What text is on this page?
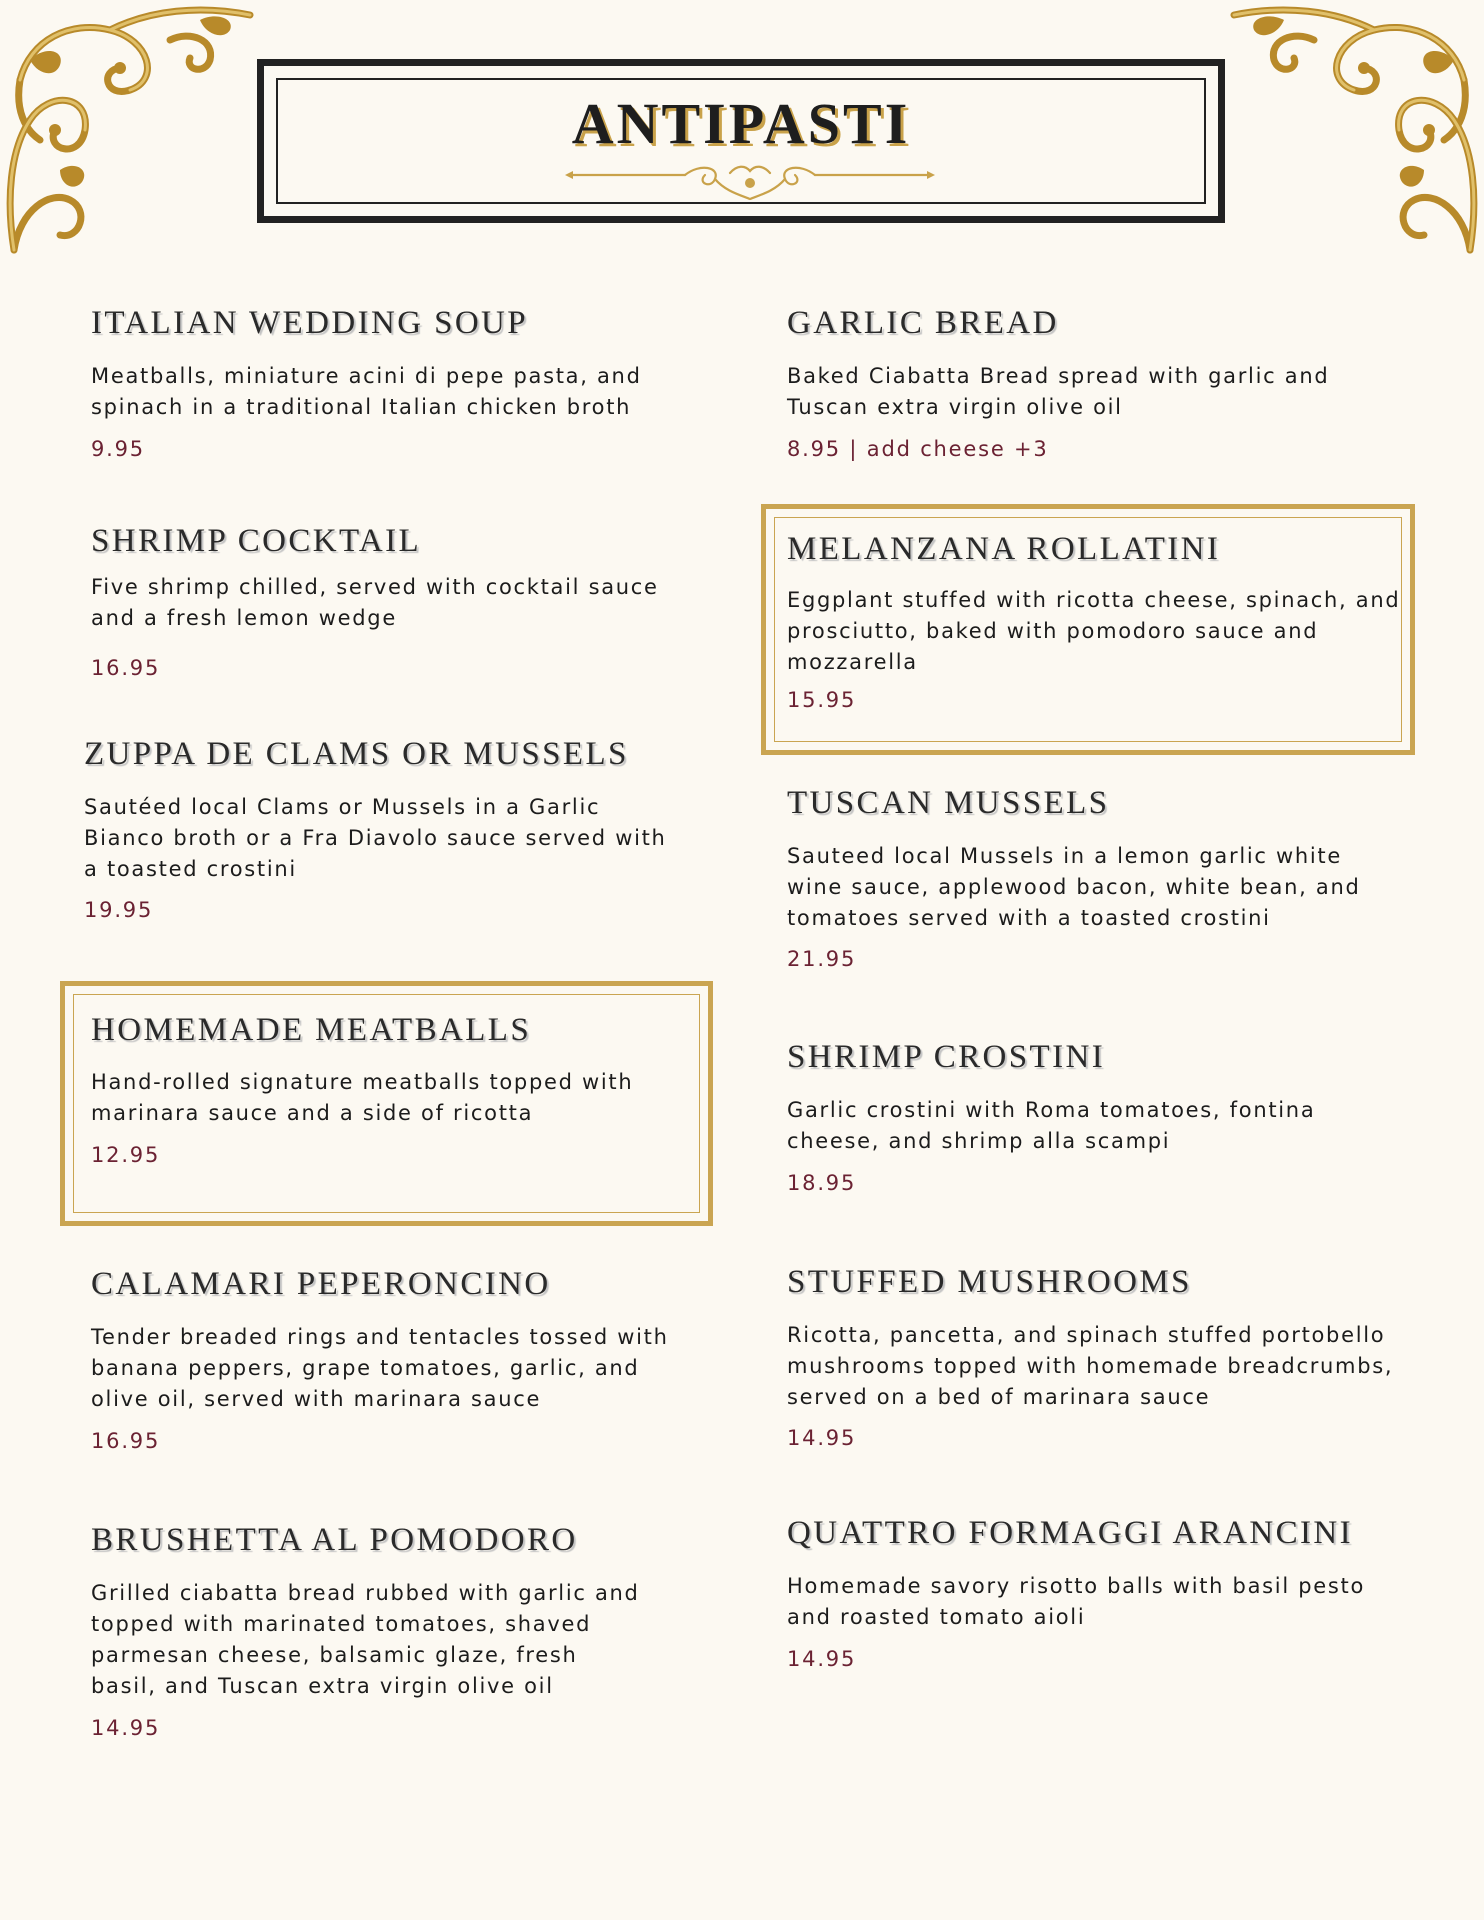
ANTIPASTI
ITALIAN WEDDING SOUP
Meatballs, miniature acini di pepe pasta, and spinach in a traditional Italian chicken broth
9.95
SHRIMP COCKTAIL
Five shrimp chilled, served with cocktail sauce and a fresh lemon wedge
16.95
ZUPPA DE CLAMS OR MUSSELS
Sautéed local Clams or Mussels in a Garlic Bianco broth or a Fra Diavolo sauce served with a toasted crostini
19.95
HOMEMADE MEATBALLS
Hand-rolled signature meatballs topped with marinara sauce and a side of ricotta
12.95
CALAMARI PEPERONCINO
Tender breaded rings and tentacles tossed with banana peppers, grape tomatoes, garlic, and olive oil, served with marinara sauce
16.95
BRUSHETTA AL POMODORO
Grilled ciabatta bread rubbed with garlic and topped with marinated tomatoes, shaved parmesan cheese, balsamic glaze, fresh basil, and Tuscan extra virgin olive oil
14.95
GARLIC BREAD
Baked Ciabatta Bread spread with garlic and Tuscan extra virgin olive oil
8.95 | add cheese +3
MELANZANA ROLLATINI
Eggplant stuffed with ricotta cheese, spinach, and prosciutto, baked with pomodoro sauce and mozzarella
15.95
TUSCAN MUSSELS
Sauteed local Mussels in a lemon garlic white wine sauce, applewood bacon, white bean, and tomatoes served with a toasted crostini
21.95
SHRIMP CROSTINI
Garlic crostini with Roma tomatoes, fontina cheese, and shrimp alla scampi
18.95
STUFFED MUSHROOMS
Ricotta, pancetta, and spinach stuffed portobello mushrooms topped with homemade breadcrumbs, served on a bed of marinara sauce
14.95
QUATTRO FORMAGGI ARANCINI
Homemade savory risotto balls with basil pesto and roasted tomato aioli
14.95
